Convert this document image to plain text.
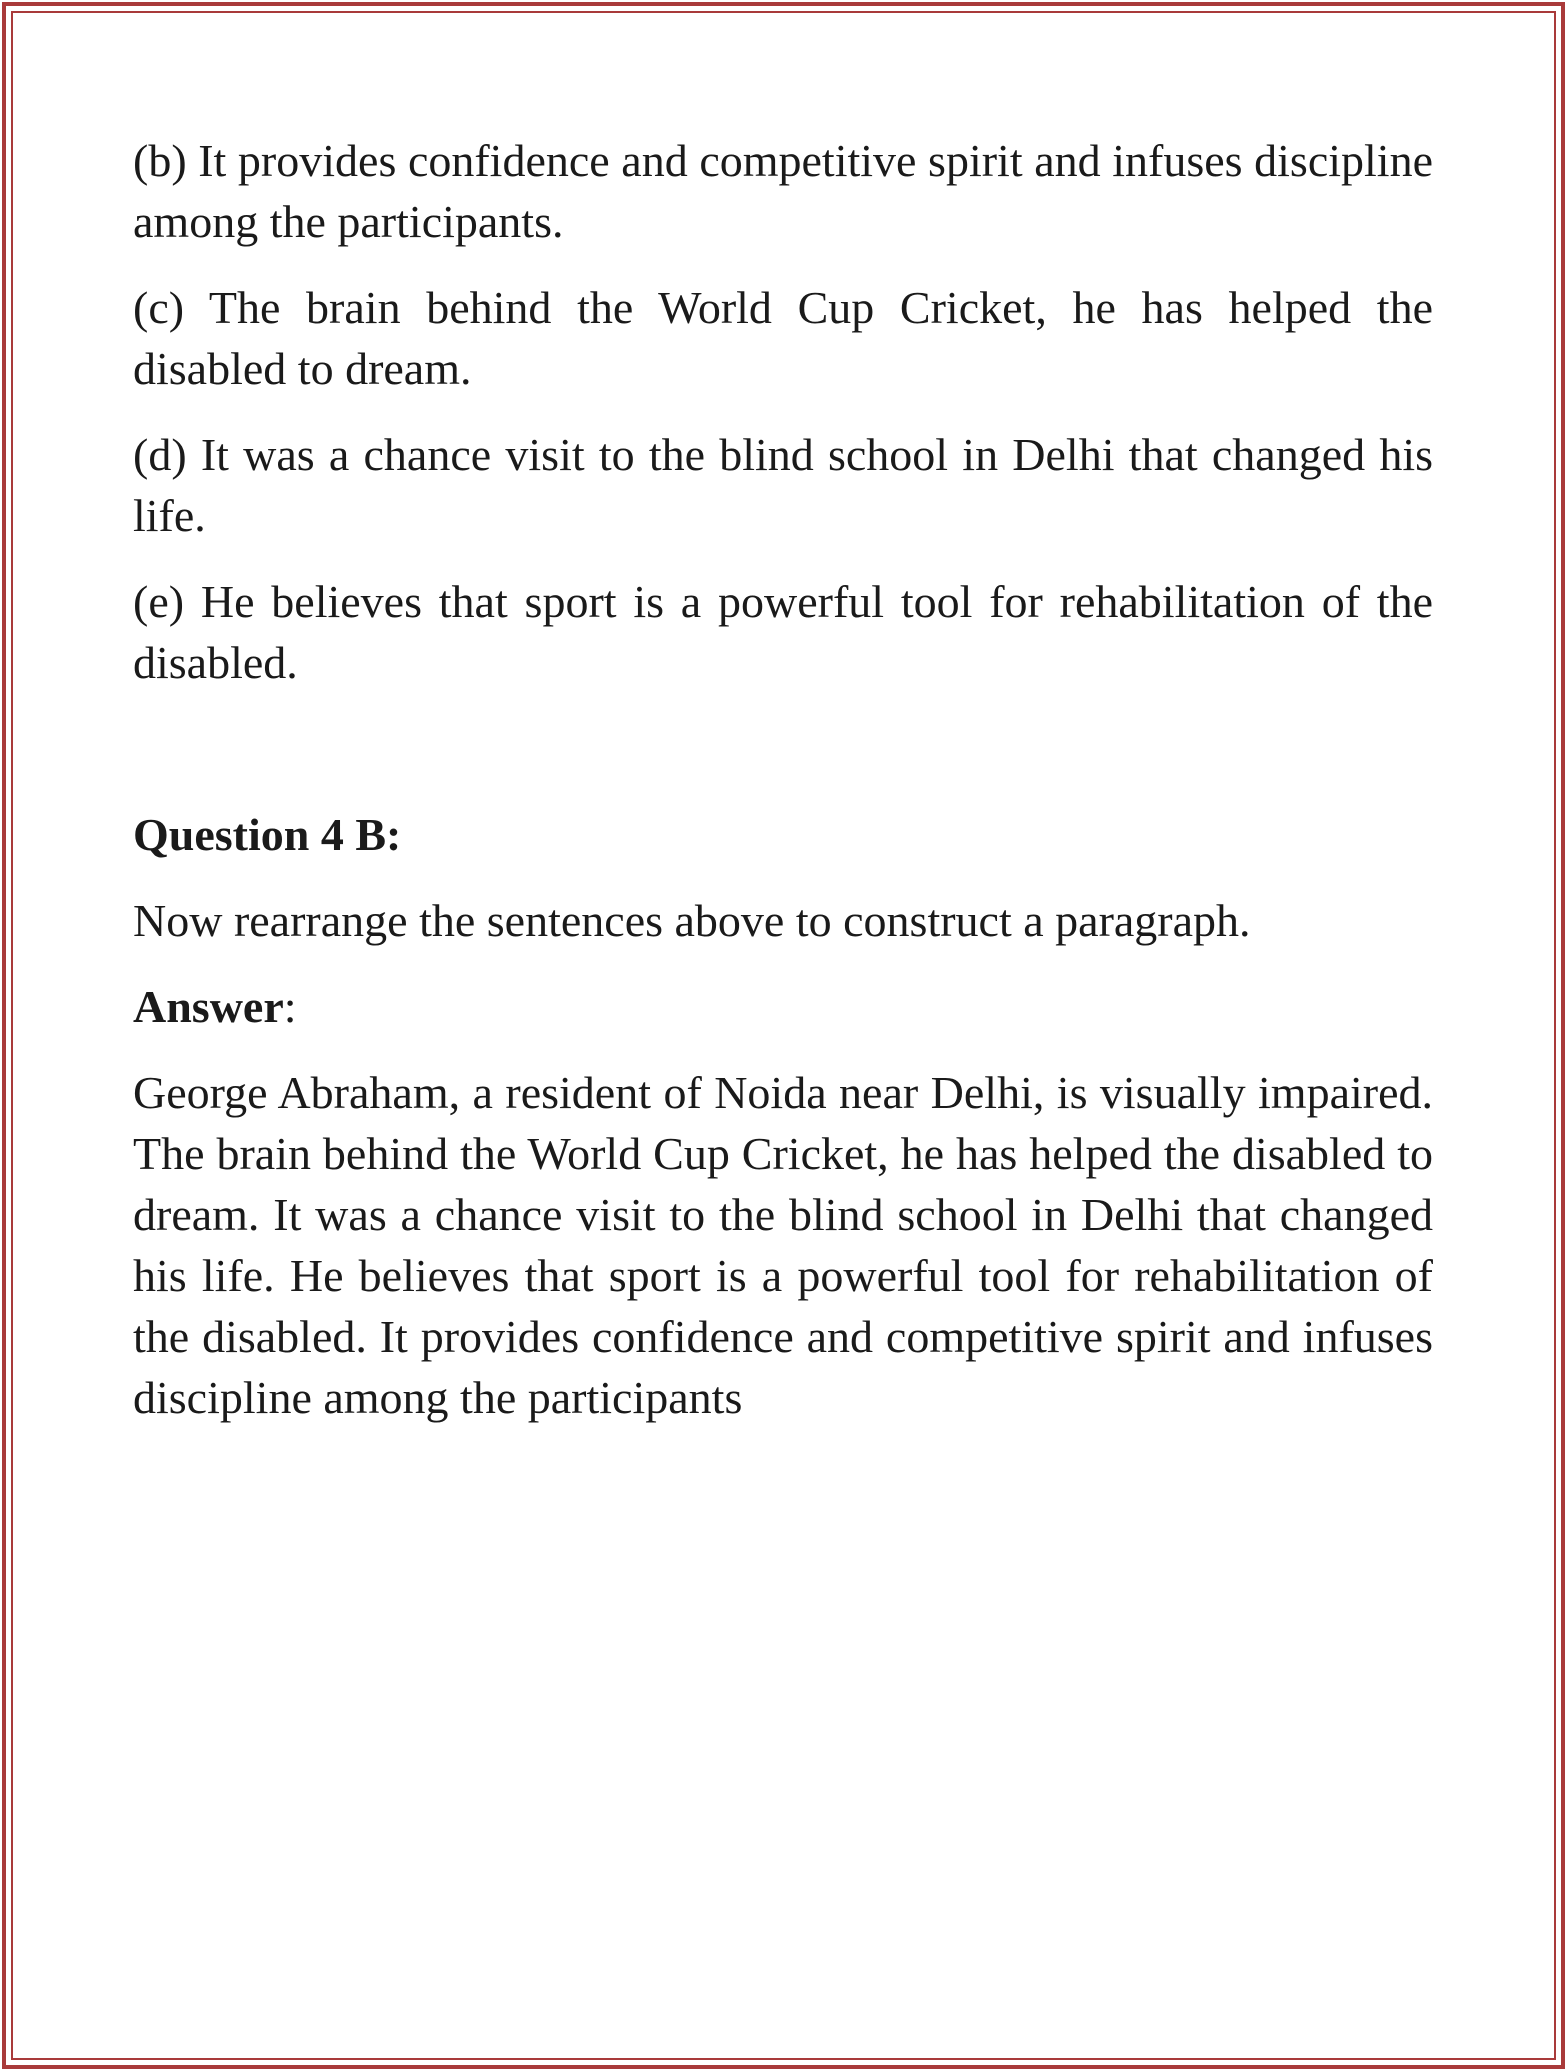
(b) It provides confidence and competitive spirit and infuses discipline among the participants.

(c) The brain behind the World Cup Cricket, he has helped the disabled to dream.

(d) It was a chance visit to the blind school in Delhi that changed his life.

(e) He believes that sport is a powerful tool for rehabilitation of the disabled.

Question 4 B:

Now rearrange the sentences above to construct a paragraph.

Answer:

George Abraham, a resident of Noida near Delhi, is visually impaired. The brain behind the World Cup Cricket, he has helped the disabled to dream. It was a chance visit to the blind school in Delhi that changed his life. He believes that sport is a powerful tool for rehabilitation of the disabled. It provides confidence and competitive spirit and infuses discipline among the participants
